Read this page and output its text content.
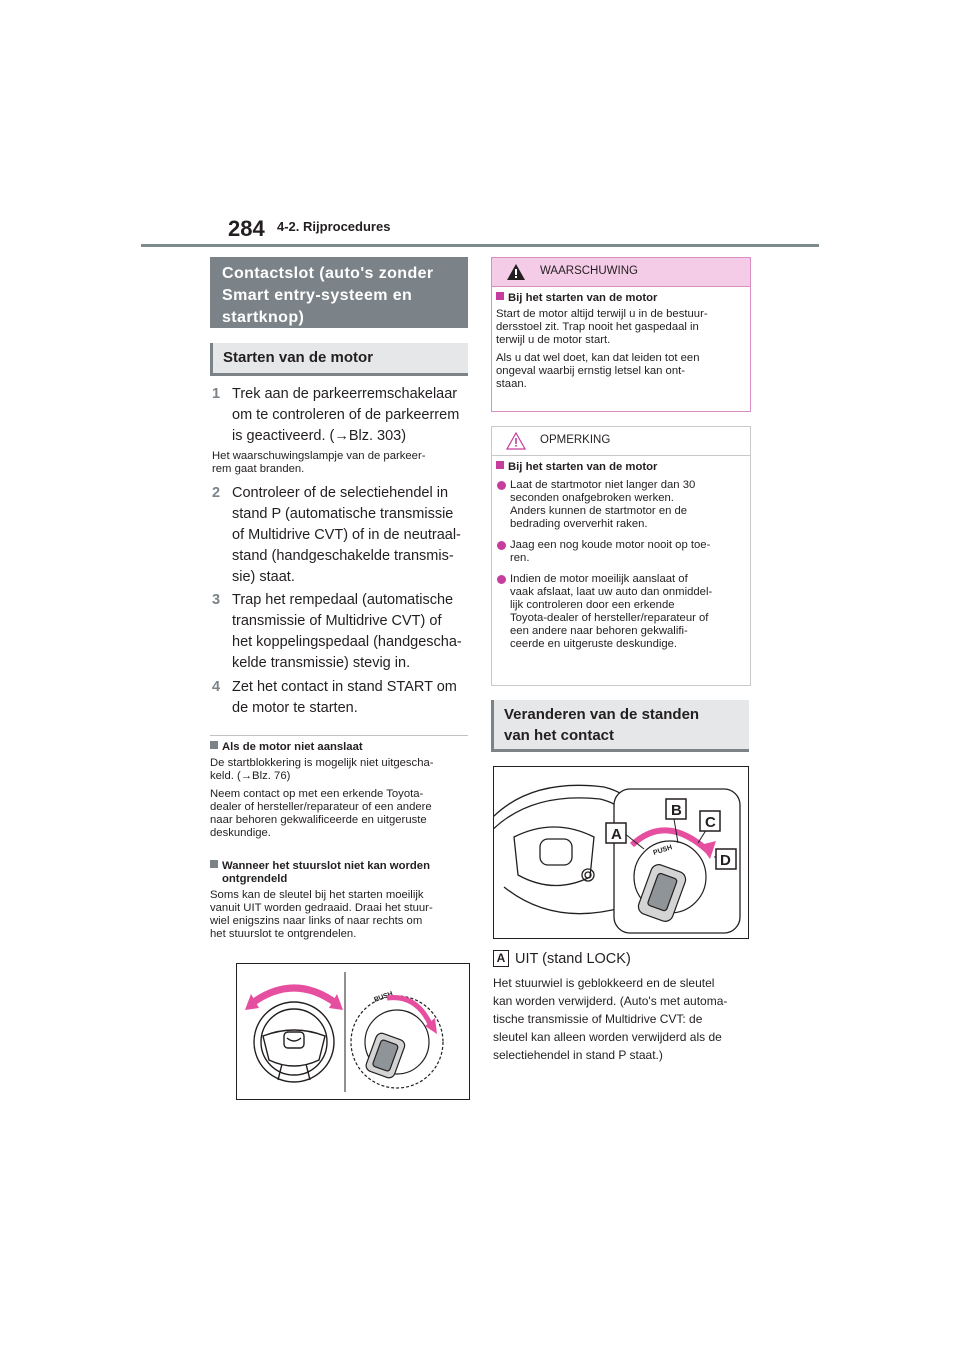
284 4-2. Rijprocedures
Contactslot (auto's zonder
Smart entry-systeem en
startknop)
Starten van de motor
1 Trek aan de parkeerremschakelaar
om te controleren of de parkeerrem
is geactiveerd. (→Blz. 303)
Het waarschuwingslampje van de parkeer-
rem gaat branden.
2 Controleer of de selectiehendel in
stand P (automatische transmissie
of Multidrive CVT) of in de neutraal-
stand (handgeschakelde transmis-
sie) staat.
3 Trap het rempedaal (automatische
transmissie of Multidrive CVT) of
het koppelingspedaal (handgescha-
kelde transmissie) stevig in.
4 Zet het contact in stand START om
de motor te starten.
Als de motor niet aanslaat
De startblokkering is mogelijk niet uitgescha-
keld. (→Blz. 76)
Neem contact op met een erkende Toyota-
dealer of hersteller/reparateur of een andere
naar behoren gekwalificeerde en uitgeruste
deskundige.
Wanneer het stuurslot niet kan worden
ontgrendeld
Soms kan de sleutel bij het starten moeilijk
vanuit UIT worden gedraaid. Draai het stuur-
wiel enigszins naar links of naar rechts om
het stuurslot te ontgrendelen.
PUSH
WAARSCHUWING
Bij het starten van de motor
Start de motor altijd terwijl u in de bestuur-
dersstoel zit. Trap nooit het gaspedaal in
terwijl u de motor start.
Als u dat wel doet, kan dat leiden tot een
ongeval waarbij ernstig letsel kan ont-
staan.
OPMERKING
Bij het starten van de motor
Laat de startmotor niet langer dan 30
seconden onafgebroken werken.
Anders kunnen de startmotor en de
bedrading oververhit raken.
Jaag een nog koude motor nooit op toe-
ren.
Indien de motor moeilijk aanslaat of
vaak afslaat, laat uw auto dan onmiddel-
lijk controleren door een erkende
Toyota-dealer of hersteller/reparateur of
een andere naar behoren gekwalifi-
ceerde en uitgeruste deskundige.
Veranderen van de standen
van het contact
PUSH
A
B
C
D
A UIT (stand LOCK)
Het stuurwiel is geblokkeerd en de sleutel
kan worden verwijderd. (Auto's met automa-
tische transmissie of Multidrive CVT: de
sleutel kan alleen worden verwijderd als de
selectiehendel in stand P staat.)
